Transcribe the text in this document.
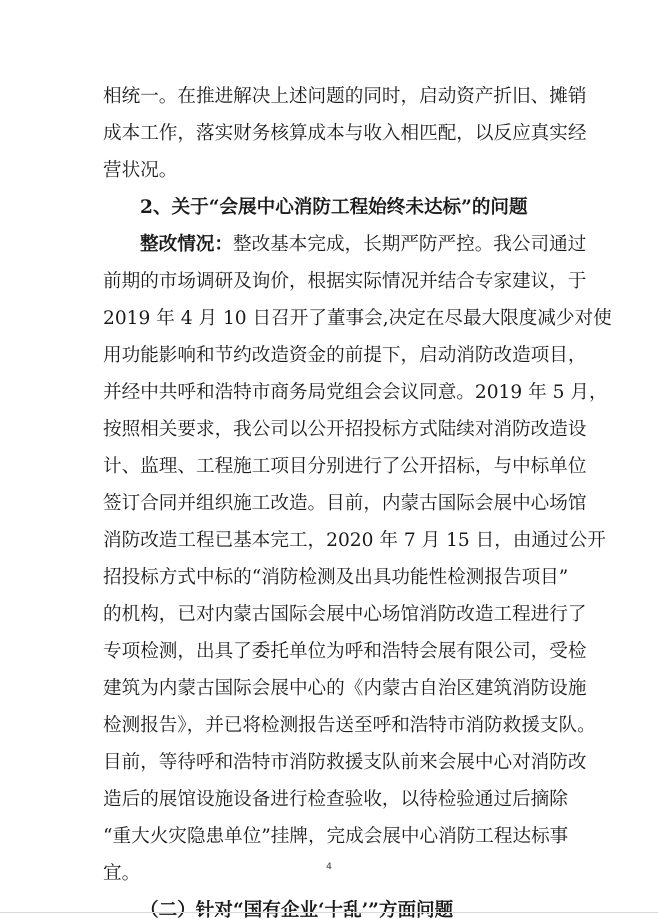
相统一。在推进解决上述问题的同时，启动资产折旧、摊销
成本工作，落实财务核算成本与收入相匹配，以反应真实经
营状况。
2、关于“会展中心消防工程始终未达标”的问题
整改情况：整改基本完成，长期严防严控。我公司通过
前期的市场调研及询价，根据实际情况并结合专家建议，于
2019 年 4 月 10 日召开了董事会,决定在尽最大限度减少对使
用功能影响和节约改造资金的前提下，启动消防改造项目，
并经中共呼和浩特市商务局党组会会议同意。2019 年 5 月，
按照相关要求，我公司以公开招投标方式陆续对消防改造设
计、监理、工程施工项目分别进行了公开招标，与中标单位
签订合同并组织施工改造。目前，内蒙古国际会展中心场馆
消防改造工程已基本完工，2020 年 7 月 15 日，由通过公开
招投标方式中标的“消防检测及出具功能性检测报告项目”
的机构，已对内蒙古国际会展中心场馆消防改造工程进行了
专项检测，出具了委托单位为呼和浩特会展有限公司，受检
建筑为内蒙古国际会展中心的《内蒙古自治区建筑消防设施
检测报告》，并已将检测报告送至呼和浩特市消防救援支队。
目前，等待呼和浩特市消防救援支队前来会展中心对消防改
造后的展馆设施设备进行检查验收，以待检验通过后摘除
“重大火灾隐患单位”挂牌，完成会展中心消防工程达标事
宜。
（二）针对“国有企业‘十乱’”方面问题
4
